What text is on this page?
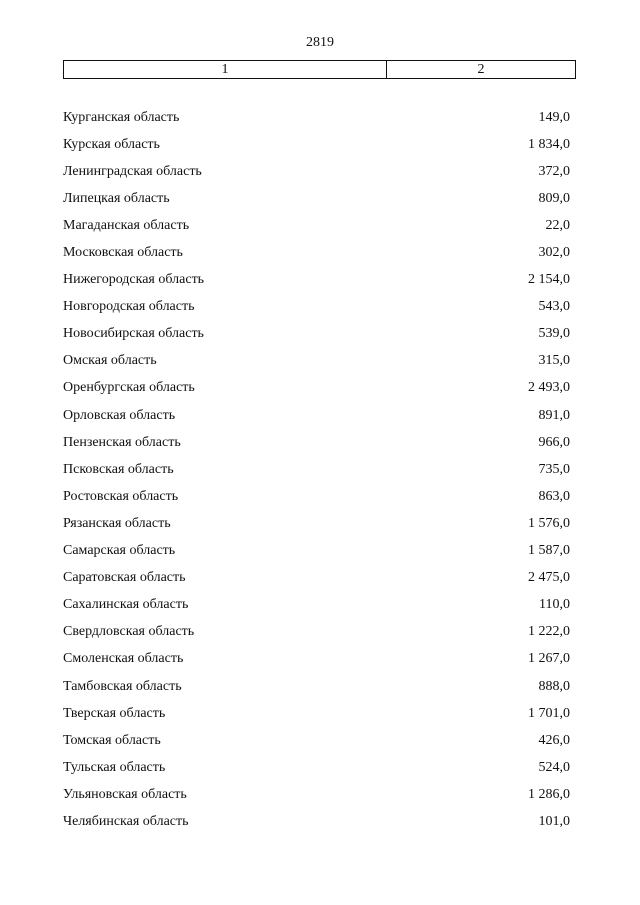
2819
1	2
Курганская область	149,0
Курская область	1 834,0
Ленинградская область	372,0
Липецкая область	809,0
Магаданская область	22,0
Московская область	302,0
Нижегородская область	2 154,0
Новгородская область	543,0
Новосибирская область	539,0
Омская область	315,0
Оренбургская область	2 493,0
Орловская область	891,0
Пензенская область	966,0
Псковская область	735,0
Ростовская область	863,0
Рязанская область	1 576,0
Самарская область	1 587,0
Саратовская область	2 475,0
Сахалинская область	110,0
Свердловская область	1 222,0
Смоленская область	1 267,0
Тамбовская область	888,0
Тверская область	1 701,0
Томская область	426,0
Тульская область	524,0
Ульяновская область	1 286,0
Челябинская область	101,0
